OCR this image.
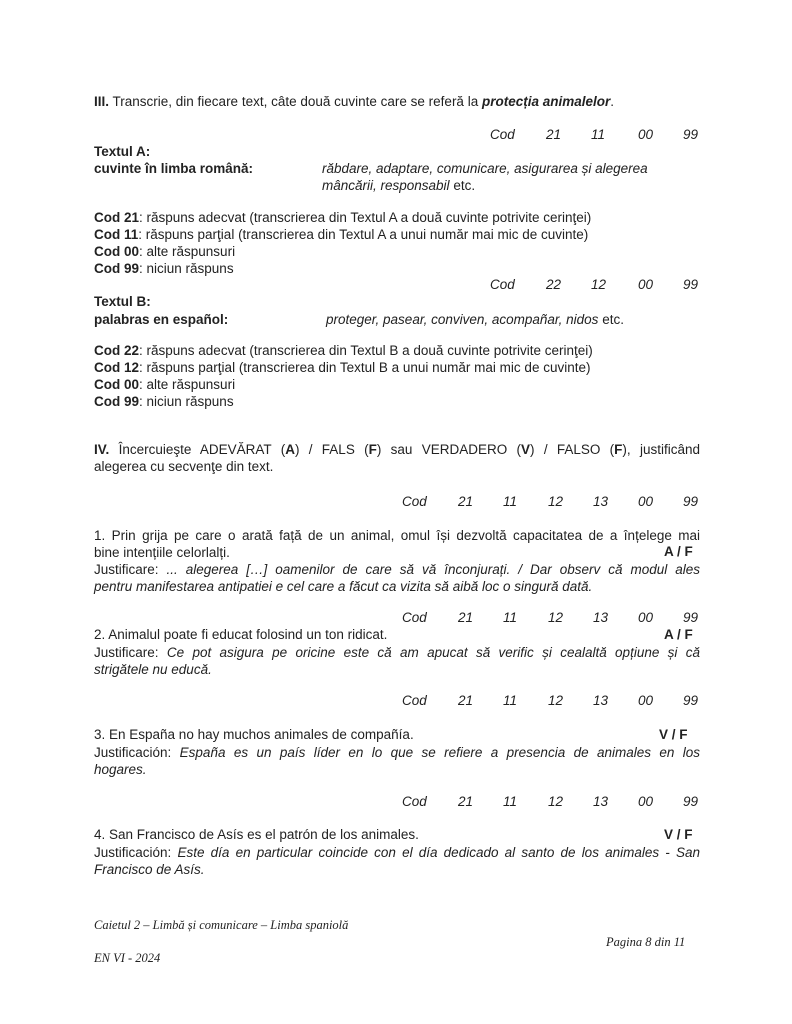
III. Transcrie, din fiecare text, câte două cuvinte care se referă la protecția animalelor.
Cod 21 11 00 99
Textul A:
cuvinte în limba română:	răbdare, adaptare, comunicare, asigurarea și alegerea
mâncării, responsabil etc.
Cod 21: răspuns adecvat (transcrierea din Textul A a două cuvinte potrivite cerinţei)
Cod 11: răspuns parţial (transcrierea din Textul A a unui număr mai mic de cuvinte)
Cod 00: alte răspunsuri
Cod 99: niciun răspuns
Cod 22 12 00 99
Textul B:
palabras en español:	proteger, pasear, conviven, acompañar, nidos etc.
Cod 22: răspuns adecvat (transcrierea din Textul B a două cuvinte potrivite cerinţei)
Cod 12: răspuns parţial (transcrierea din Textul B a unui număr mai mic de cuvinte)
Cod 00: alte răspunsuri
Cod 99: niciun răspuns
IV. Încercuieşte ADEVĂRAT (A) / FALS (F) sau VERDADERO (V) / FALSO (F), justificând
alegerea cu secvenţe din text.
Cod 21 11 12 13 00 99
1. Prin grija pe care o arată față de un animal, omul își dezvoltă capacitatea de a înțelege mai
bine intențiile celorlalți.	A / F
Justificare: ... alegerea […] oamenilor de care să vă înconjurați. / Dar observ că modul ales
pentru manifestarea antipatiei e cel care a făcut ca vizita să aibă loc o singură dată.
Cod 21 11 12 13 00 99
2. Animalul poate fi educat folosind un ton ridicat.	A / F
Justificare: Ce pot asigura pe oricine este că am apucat să verific și cealaltă opțiune și că
strigătele nu educă.
Cod 21 11 12 13 00 99
3. En España no hay muchos animales de compañía.	V / F
Justificación: España es un país líder en lo que se refiere a presencia de animales en los
hogares.
Cod 21 11 12 13 00 99
4. San Francisco de Asís es el patrón de los animales.	V / F
Justificación: Este día en particular coincide con el día dedicado al santo de los animales - San
Francisco de Asís.
Caietul 2 – Limbă și comunicare – Limba spaniolă
Pagina 8 din 11
EN VI - 2024
